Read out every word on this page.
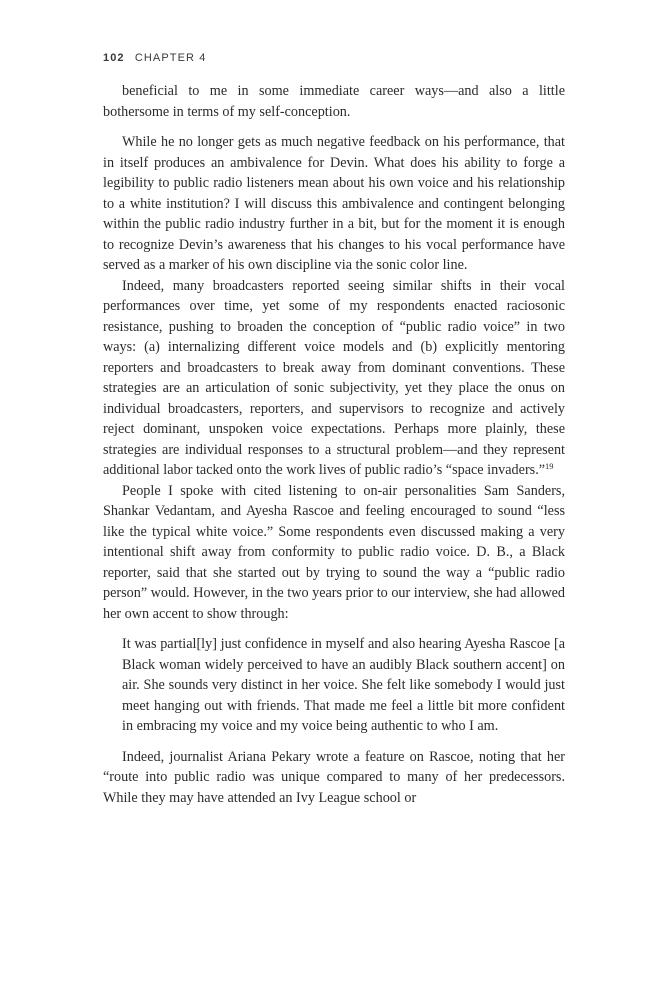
102 CHAPTER 4

beneficial to me in some immediate career ways—and also a little bothersome in terms of my self-conception.

While he no longer gets as much negative feedback on his performance, that in itself produces an ambivalence for Devin. What does his ability to forge a legibility to public radio listeners mean about his own voice and his relationship to a white institution? I will discuss this ambivalence and contingent belonging within the public radio industry further in a bit, but for the moment it is enough to recognize Devin’s awareness that his changes to his vocal performance have served as a marker of his own discipline via the sonic color line.

Indeed, many broadcasters reported seeing similar shifts in their vocal performances over time, yet some of my respondents enacted raciosonic resistance, pushing to broaden the conception of “public radio voice” in two ways: (a) internalizing different voice models and (b) explicitly mentoring reporters and broadcasters to break away from dominant conventions. These strategies are an articulation of sonic subjectivity, yet they place the onus on individual broadcasters, reporters, and supervisors to recognize and actively reject dominant, unspoken voice expectations. Perhaps more plainly, these strategies are individual responses to a structural problem—and they represent additional labor tacked onto the work lives of public radio’s “space invaders.”$^{19}$

People I spoke with cited listening to on-air personalities Sam Sanders, Shankar Vedantam, and Ayesha Rascoe and feeling encouraged to sound “less like the typical white voice.” Some respondents even discussed making a very intentional shift away from conformity to public radio voice. D. B., a Black reporter, said that she started out by trying to sound the way a “public radio person” would. However, in the two years prior to our interview, she had allowed her own accent to show through:

It was partial[ly] just confidence in myself and also hearing Ayesha Rascoe [a Black woman widely perceived to have an audibly Black southern accent] on air. She sounds very distinct in her voice. She felt like somebody I would just meet hanging out with friends. That made me feel a little bit more confident in embracing my voice and my voice being authentic to who I am.

Indeed, journalist Ariana Pekary wrote a feature on Rascoe, noting that her “route into public radio was unique compared to many of her predecessors. While they may have attended an Ivy League school or
